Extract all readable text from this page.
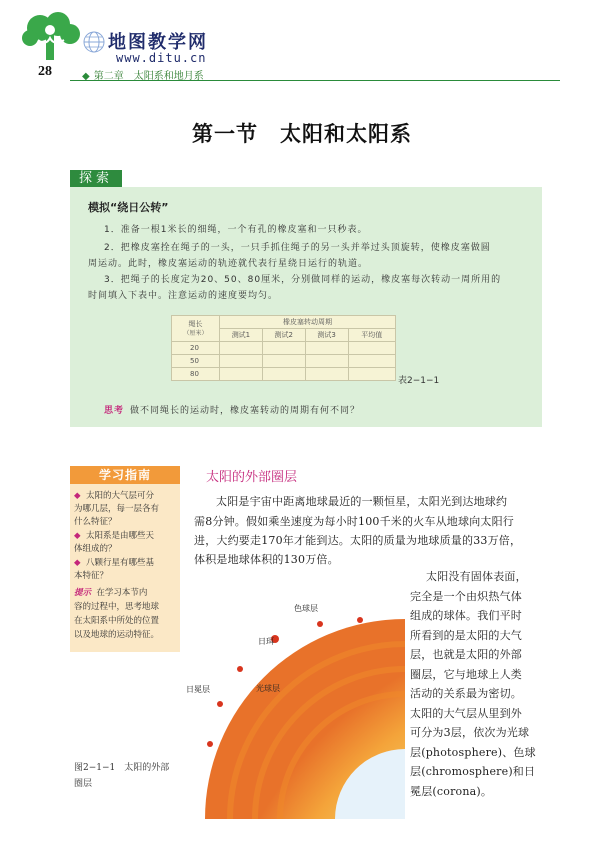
地图教学网
www.ditu.cn
28	◆ 第二章　太阳系和地月系
第一节　太阳和太阳系
探索
模拟“绕日公转”
1．准备一根1米长的细绳，一个有孔的橡皮塞和一只秒表。
2．把橡皮塞拴在绳子的一头，一只手抓住绳子的另一头并举过头顶旋转，使橡皮塞做圆
周运动。此时，橡皮塞运动的轨迹就代表行星绕日运行的轨道。
3．把绳子的长度定为20、50、80厘米，分别做同样的运动，橡皮塞每次转动一周所用的
时间填入下表中。注意运动的速度要均匀。
绳长
（厘米）	橡皮塞转动周期			
	测试1	测试2	测试3	平均值
20				
50				
80				
表2−1−1
思考 做不同绳长的运动时，橡皮塞转动的周期有何不同？
学习指南
◆ 太阳的大气层可分
为哪几层，每一层各有
什么特征？
◆ 太阳系是由哪些天
体组成的？
◆ 八颗行星有哪些基
本特征？
提示 在学习本节内
容的过程中，思考地球
在太阳系中所处的位置
以及地球的运动特征。
太阳的外部圈层
太阳是宇宙中距离地球最近的一颗恒星，太阳光到达地球约
需8分钟。假如乘坐速度为每小时100千米的火车从地球向太阳行
进，大约要走170年才能到达。太阳的质量为地球质量的33万倍，
体积是地球体积的130万倍。
太阳没有固体表面，
完全是一个由炽热气体
组成的球体。我们平时
所看到的是太阳的大气
层，也就是太阳的外部
圈层，它与地球上人类
活动的关系最为密切。
太阳的大气层从里到外
可分为3层，依次为光球
层(photosphere)、色球
层(chromosphere)和日
冕层(corona)。
色球层
日珥
日冕层	光球层
图2−1−1　太阳的外部
圈层
